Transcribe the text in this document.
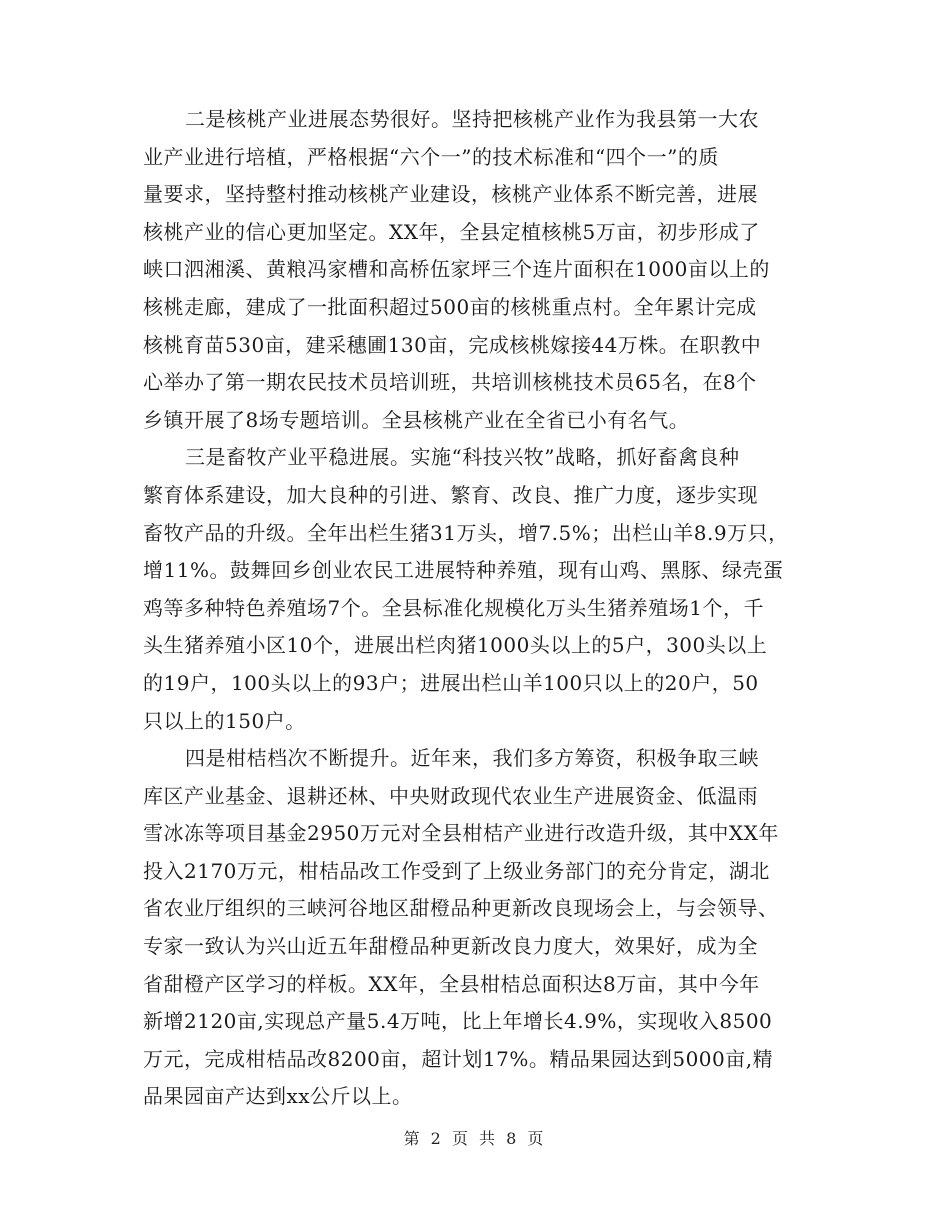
二是核桃产业进展态势很好。坚持把核桃产业作为我县第一大农
业产业进行培植，严格根据“六个一”的技术标准和“四个一”的质
量要求，坚持整村推动核桃产业建设，核桃产业体系不断完善，进展
核桃产业的信心更加坚定。XX年，全县定植核桃5万亩，初步形成了
峡口泗湘溪、黄粮冯家槽和高桥伍家坪三个连片面积在1000亩以上的
核桃走廊，建成了一批面积超过500亩的核桃重点村。全年累计完成
核桃育苗530亩，建采穗圃130亩，完成核桃嫁接44万株。在职教中
心举办了第一期农民技术员培训班，共培训核桃技术员65名，在8个
乡镇开展了8场专题培训。全县核桃产业在全省已小有名气。
三是畜牧产业平稳进展。实施“科技兴牧”战略，抓好畜禽良种
繁育体系建设，加大良种的引进、繁育、改良、推广力度，逐步实现
畜牧产品的升级。全年出栏生猪31万头，增7.5%；出栏山羊8.9万只，
增11%。鼓舞回乡创业农民工进展特种养殖，现有山鸡、黑豚、绿壳蛋
鸡等多种特色养殖场7个。全县标准化规模化万头生猪养殖场1个，千
头生猪养殖小区10个，进展出栏肉猪1000头以上的5户，300头以上
的19户，100头以上的93户；进展出栏山羊100只以上的20户，50
只以上的150户。
四是柑桔档次不断提升。近年来，我们多方筹资，积极争取三峡
库区产业基金、退耕还林、中央财政现代农业生产进展资金、低温雨
雪冰冻等项目基金2950万元对全县柑桔产业进行改造升级，其中XX年
投入2170万元，柑桔品改工作受到了上级业务部门的充分肯定，湖北
省农业厅组织的三峡河谷地区甜橙品种更新改良现场会上，与会领导、
专家一致认为兴山近五年甜橙品种更新改良力度大，效果好，成为全
省甜橙产区学习的样板。XX年，全县柑桔总面积达8万亩，其中今年
新增2120亩,实现总产量5.4万吨，比上年增长4.9%，实现收入8500
万元，完成柑桔品改8200亩，超计划17%。精品果园达到5000亩,精
品果园亩产达到xx公斤以上。
第 2 页 共 8 页
